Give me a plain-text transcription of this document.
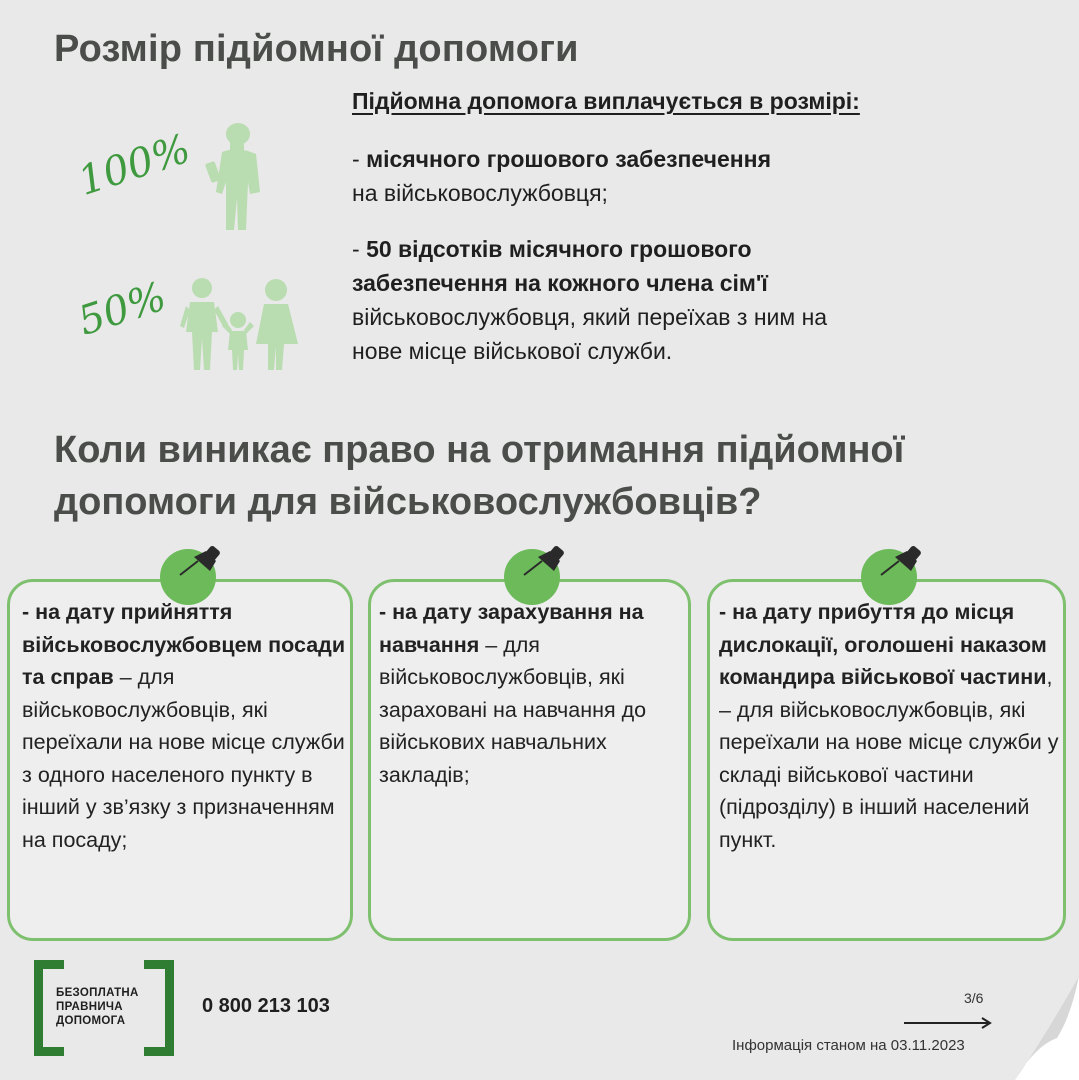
Розмір підйомної допомоги
Підйомна допомога виплачується в розмірі:
- місячного грошового забезпечення
на військовослужбовця;
- 50 відсотків місячного грошового забезпечення на кожного члена сім'ї військовослужбовця, який переїхав з ним на нове місце військової служби.
100%
50%
Коли виникає право на отримання підйомної допомоги для військовослужбовців?
- на дату прийняття військовослужбовцем посади та справ – для військовослужбовців, які переїхали на нове місце служби з одного населеного пункту в інший у зв’язку з призначенням на посаду;
- на дату зарахування на навчання – для військовослужбовців, які зараховані на навчання до військових навчальних закладів;
- на дату прибуття до місця дислокації, оголошені наказом командира військової частини, – для військовослужбовців, які переїхали на нове місце служби у складі військової частини (підрозділу) в інший населений пункт.
БЕЗОПЛАТНА
ПРАВНИЧА
ДОПОМОГА
0 800 213 103	3/6
Інформація станом на 03.11.2023
